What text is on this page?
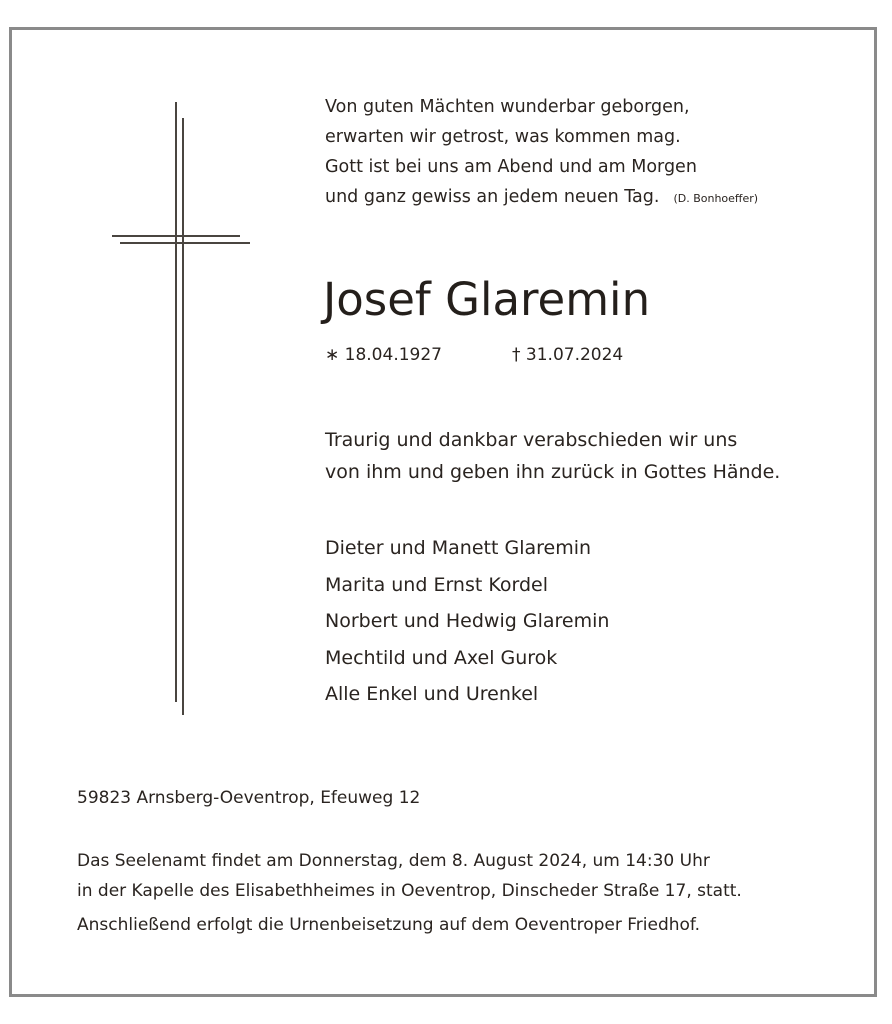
Von guten Mächten wunderbar geborgen,
erwarten wir getrost, was kommen mag.
Gott ist bei uns am Abend und am Morgen
und ganz gewiss an jedem neuen Tag. (D. Bonhoeffer)
Josef Glaremin
∗ 18.04.1927	† 31.07.2024
Traurig und dankbar verabschieden wir uns
von ihm und geben ihn zurück in Gottes Hände.
Dieter und Manett Glaremin
Marita und Ernst Kordel
Norbert und Hedwig Glaremin
Mechtild und Axel Gurok
Alle Enkel und Urenkel
59823 Arnsberg-Oeventrop, Efeuweg 12
Das Seelenamt findet am Donnerstag, dem 8. August 2024, um 14:30 Uhr
in der Kapelle des Elisabethheimes in Oeventrop, Dinscheder Straße 17, statt.
Anschließend erfolgt die Urnenbeisetzung auf dem Oeventroper Friedhof.
